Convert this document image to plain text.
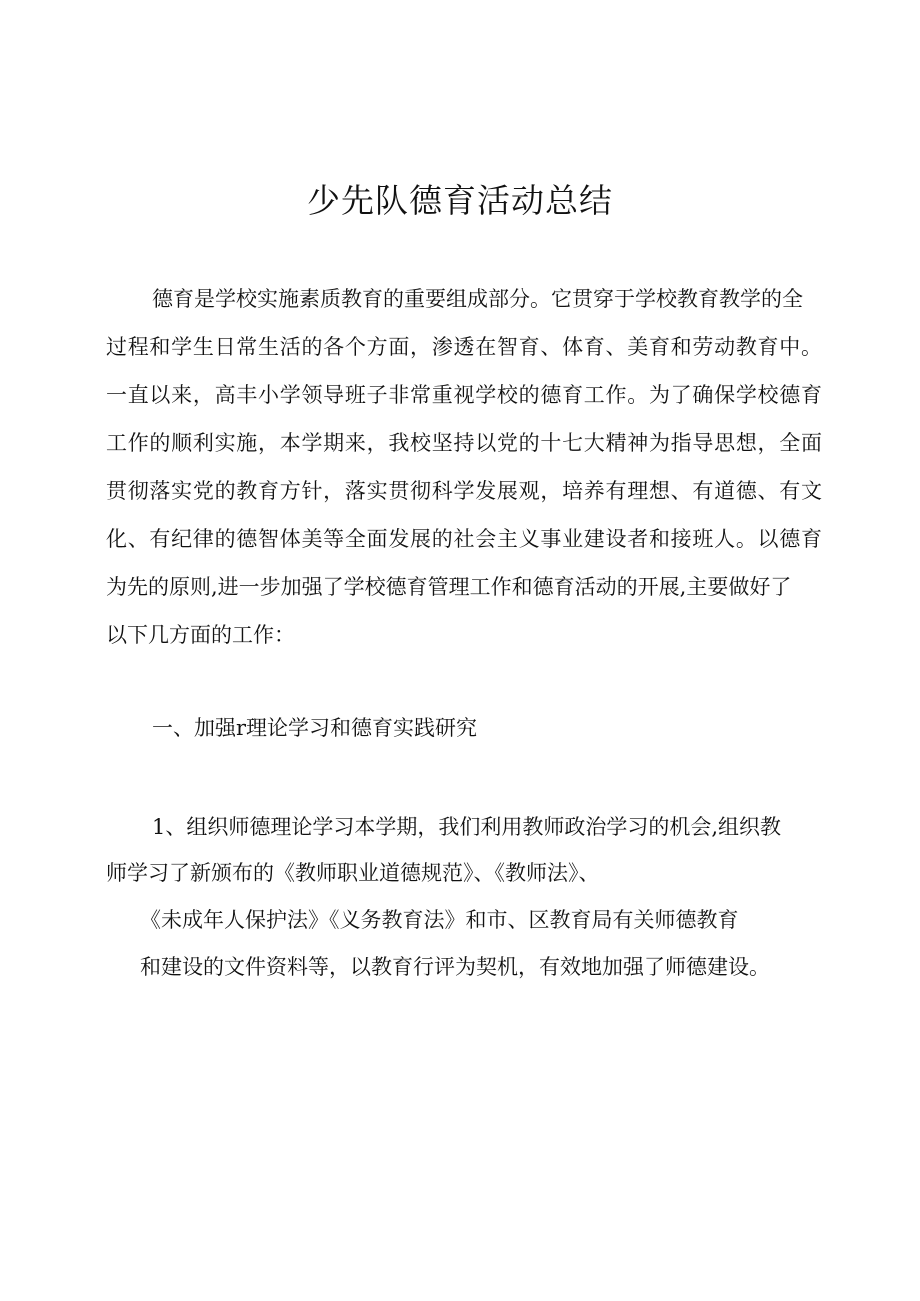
少先队德育活动总结
德育是学校实施素质教育的重要组成部分。它贯穿于学校教育教学的全
过程和学生日常生活的各个方面，渗透在智育、体育、美育和劳动教育中。
一直以来，高丰小学领导班子非常重视学校的德育工作。为了确保学校德育
工作的顺利实施，本学期来，我校坚持以党的十七大精神为指导思想，全面
贯彻落实党的教育方针，落实贯彻科学发展观，培养有理想、有道德、有文
化、有纪律的德智体美等全面发展的社会主义事业建设者和接班人。以德育
为先的原则,进一步加强了学校德育管理工作和德育活动的开展,主要做好了
以下几方面的工作：
一、加强r理论学习和德育实践研究
1、组织师德理论学习本学期，我们利用教师政治学习的机会,组织教
师学习了新颁布的《教师职业道德规范》、《教师法》、
《未成年人保护法》《义务教育法》和市、区教育局有关师德教育
和建设的文件资料等，以教育行评为契机，有效地加强了师德建设。
